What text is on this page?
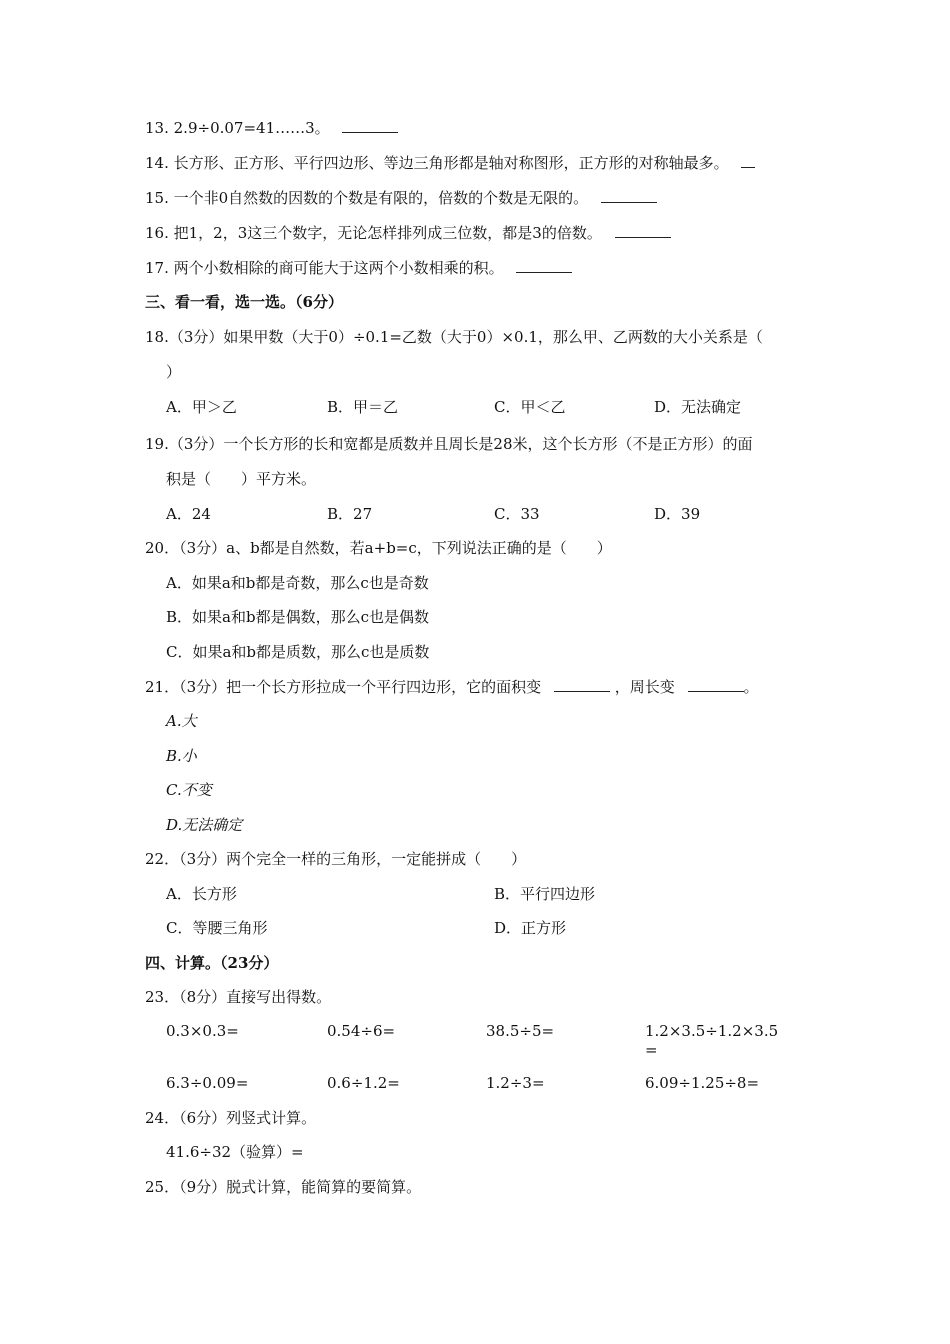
13. 2.9÷0.07=41……3。
14. 长方形、正方形、平行四边形、等边三角形都是轴对称图形，正方形的对称轴最多。
15. 一个非0自然数的因数的个数是有限的，倍数的个数是无限的。
16. 把1，2，3这三个数字，无论怎样排列成三位数，都是3的倍数。
17. 两个小数相除的商可能大于这两个小数相乘的积。
三、看一看，选一选。（6分）
18.（3分）如果甲数（大于0）÷0.1=乙数（大于0）×0.1，那么甲、乙两数的大小关系是（
）
A．甲＞乙	B．甲＝乙	C．甲＜乙	D．无法确定
19.（3分）一个长方形的长和宽都是质数并且周长是28米，这个长方形（不是正方形）的面
积是（　　）平方米。
A．24	B．27	C．33	D．39
20．（3分）a、b都是自然数，若a+b=c，下列说法正确的是（　　）
A．如果a和b都是奇数，那么c也是奇数
B．如果a和b都是偶数，那么c也是偶数
C．如果a和b都是质数，那么c也是质数
21．（3分）把一个长方形拉成一个平行四边形，它的面积变	，周长变	。
A.大
B.小
C.不变
D.无法确定
22．（3分）两个完全一样的三角形，一定能拼成（　　）
A．长方形	B．平行四边形
C．等腰三角形	D．正方形
四、计算。（23分）
23．（8分）直接写出得数。
0.3×0.3=	0.54÷6=	38.5÷5=	1.2×3.5÷1.2×3.5
=
6.3÷0.09=	0.6÷1.2=	1.2÷3=	6.09÷1.25÷8=
24．（6分）列竖式计算。
41.6÷32（验算）=
25．（9分）脱式计算，能简算的要简算。
